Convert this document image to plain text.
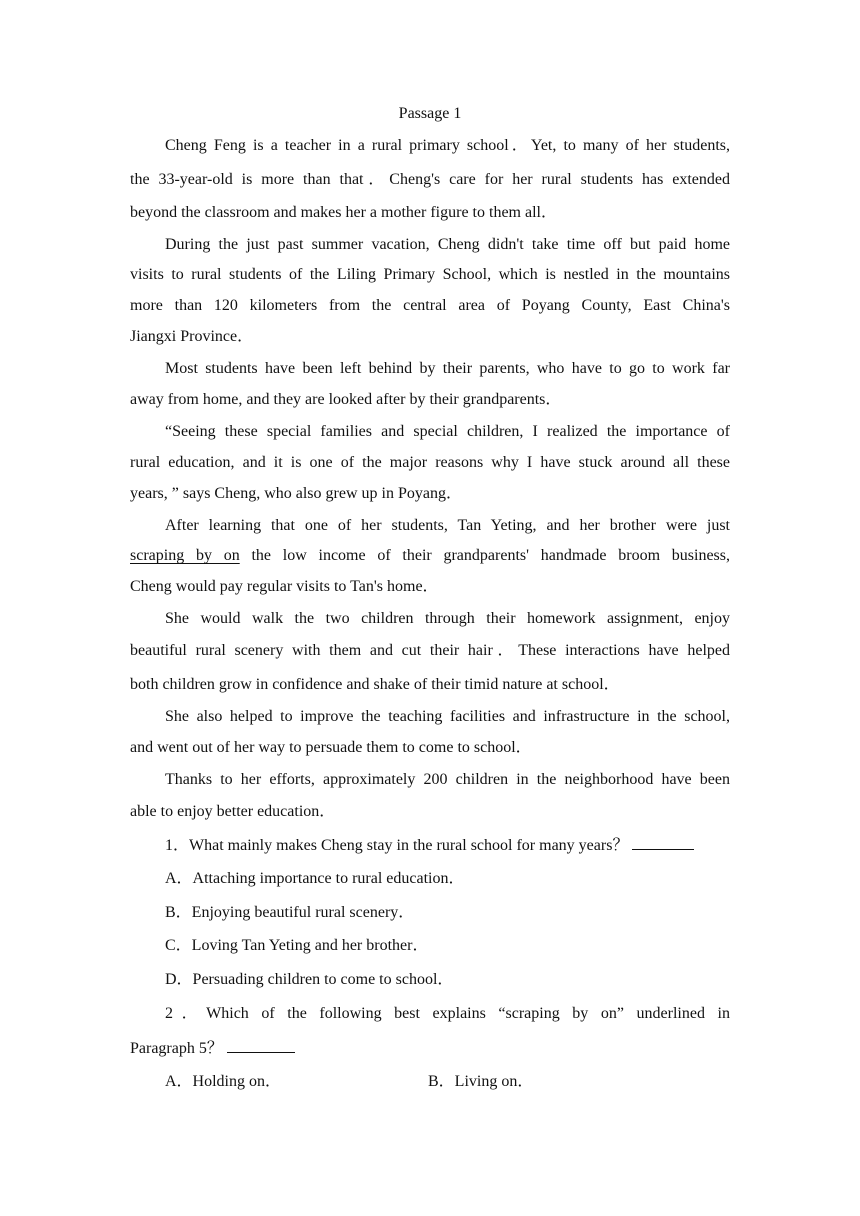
Passage 1
Cheng Feng is a teacher in a rural primary school．Yet, to many of her students,
the 33-year-old is more than that．Cheng's care for her rural students has extended
beyond the classroom and makes her a mother figure to them all．
During the just past summer vacation, Cheng didn't take time off but paid home
visits to rural students of the Liling Primary School, which is nestled in the mountains
more than 120 kilometers from the central area of Poyang County, East China's
Jiangxi Province．
Most students have been left behind by their parents, who have to go to work far
away from home, and they are looked after by their grandparents．
“Seeing these special families and special children, I realized the importance of
rural education, and it is one of the major reasons why I have stuck around all these
years, ” says Cheng, who also grew up in Poyang．
After learning that one of her students, Tan Yeting, and her brother were just
scraping by on the low income of their grandparents' handmade broom business,
Cheng would pay regular visits to Tan's home．
She would walk the two children through their homework assignment, enjoy
beautiful rural scenery with them and cut their hair．These interactions have helped
both children grow in confidence and shake of their timid nature at school．
She also helped to improve the teaching facilities and infrastructure in the school,
and went out of her way to persuade them to come to school．
Thanks to her efforts, approximately 200 children in the neighborhood have been
able to enjoy better education．
1．What mainly makes Cheng stay in the rural school for many years？
A．Attaching importance to rural education．
B．Enjoying beautiful rural scenery．
C．Loving Tan Yeting and her brother．
D．Persuading children to come to school．
2．Which of the following best explains “scraping by on” underlined in
Paragraph 5？
A．Holding on．	B．Living on．
